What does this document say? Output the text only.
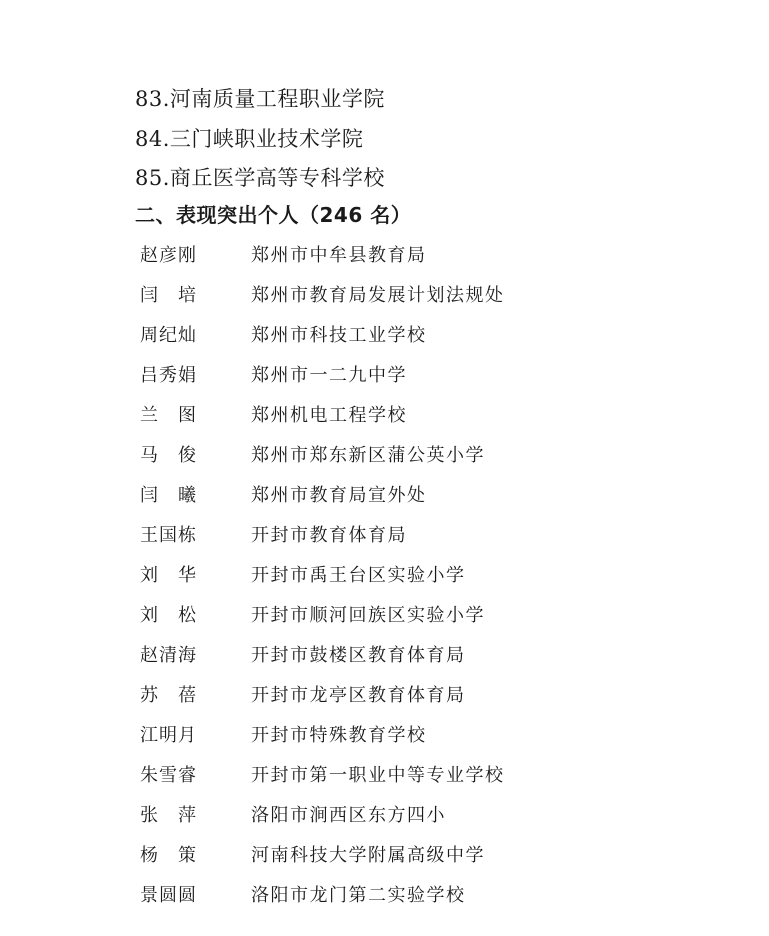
83.河南质量工程职业学院
84.三门峡职业技术学院
85.商丘医学高等专科学校
二、表现突出个人（246 名）
赵彦刚	郑州市中牟县教育局
闫　培	郑州市教育局发展计划法规处
周纪灿	郑州市科技工业学校
吕秀娟	郑州市一二九中学
兰　图	郑州机电工程学校
马　俊	郑州市郑东新区蒲公英小学
闫　曦	郑州市教育局宣外处
王国栋	开封市教育体育局
刘　华	开封市禹王台区实验小学
刘　松	开封市顺河回族区实验小学
赵清海	开封市鼓楼区教育体育局
苏　蓓	开封市龙亭区教育体育局
江明月	开封市特殊教育学校
朱雪睿	开封市第一职业中等专业学校
张　萍	洛阳市涧西区东方四小
杨　策	河南科技大学附属高级中学
景圆圆	洛阳市龙门第二实验学校
